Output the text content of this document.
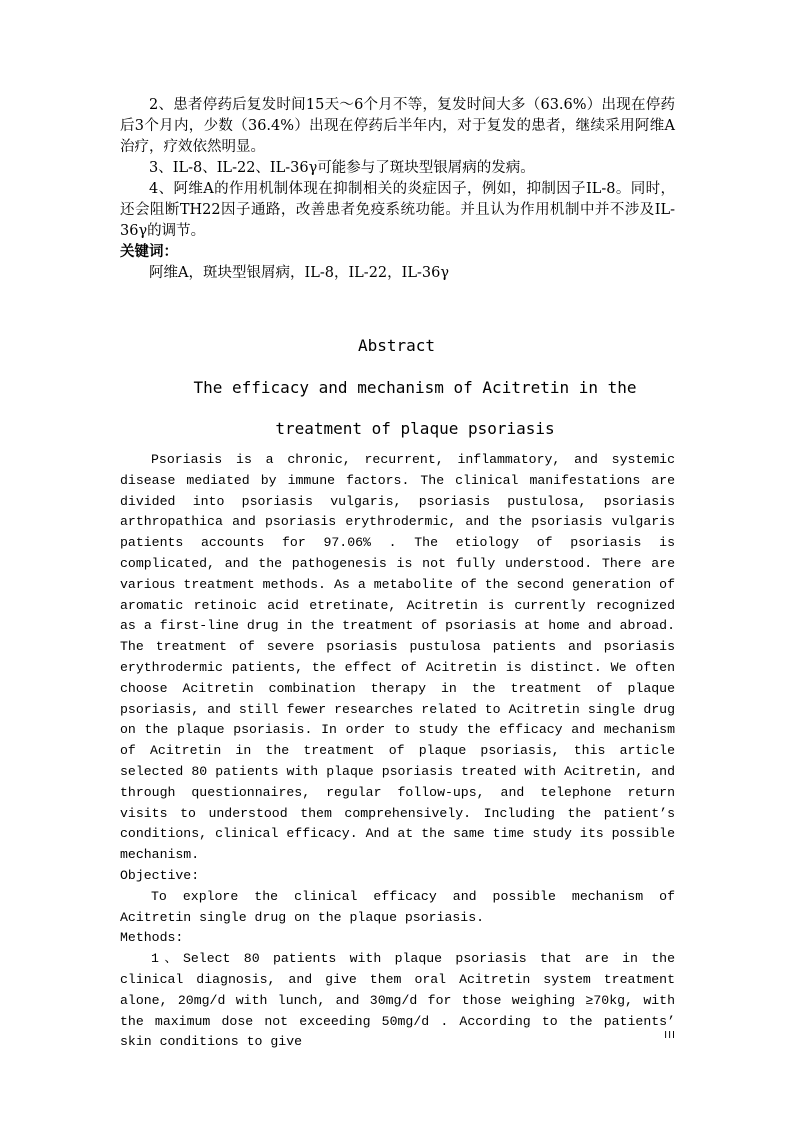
2、患者停药后复发时间15天～6个月不等，复发时间大多（63.6%）出现在停药后3个月内，少数（36.4%）出现在停药后半年内，对于复发的患者，继续采用阿维A治疗，疗效依然明显。

3、IL-8、IL-22、IL-36γ可能参与了斑块型银屑病的发病。

4、阿维A的作用机制体现在抑制相关的炎症因子，例如，抑制因子IL-8。同时，还会阻断TH22因子通路，改善患者免疫系统功能。并且认为作用机制中并不涉及IL-36γ的调节。

关键词：

阿维A，斑块型银屑病，IL-8，IL-22，IL-36γ

Abstract
The efficacy and mechanism of Acitretin in the treatment of plaque psoriasis

Psoriasis is a chronic, recurrent, inflammatory, and systemic disease mediated by immune factors. The clinical manifestations are divided into psoriasis vulgaris, psoriasis pustulosa, psoriasis arthropathica and psoriasis erythrodermic, and the psoriasis vulgaris patients accounts for 97.06% . The etiology of psoriasis is complicated, and the pathogenesis is not fully understood. There are various treatment methods. As a metabolite of the second generation of aromatic retinoic acid etretinate, Acitretin is currently recognized as a first-line drug in the treatment of psoriasis at home and abroad. The treatment of severe psoriasis pustulosa patients and psoriasis erythrodermic patients, the effect of Acitretin is distinct. We often choose Acitretin combination therapy in the treatment of plaque psoriasis, and still fewer researches related to Acitretin single drug on the plaque psoriasis. In order to study the efficacy and mechanism of Acitretin in the treatment of plaque psoriasis, this article selected 80 patients with plaque psoriasis treated with Acitretin, and through questionnaires, regular follow-ups, and telephone return visits to understood them comprehensively. Including the patient’s conditions, clinical efficacy. And at the same time study its possible mechanism.

Objective:

To explore the clinical efficacy and possible mechanism of Acitretin single drug on the plaque psoriasis.

Methods:

1、Select 80 patients with plaque psoriasis that are in the clinical diagnosis, and give them oral Acitretin system treatment alone, 20mg/d with lunch, and 30mg/d for those weighing ≥70kg, with the maximum dose not exceeding 50mg/d . According to the patients’ skin conditions to give	III
